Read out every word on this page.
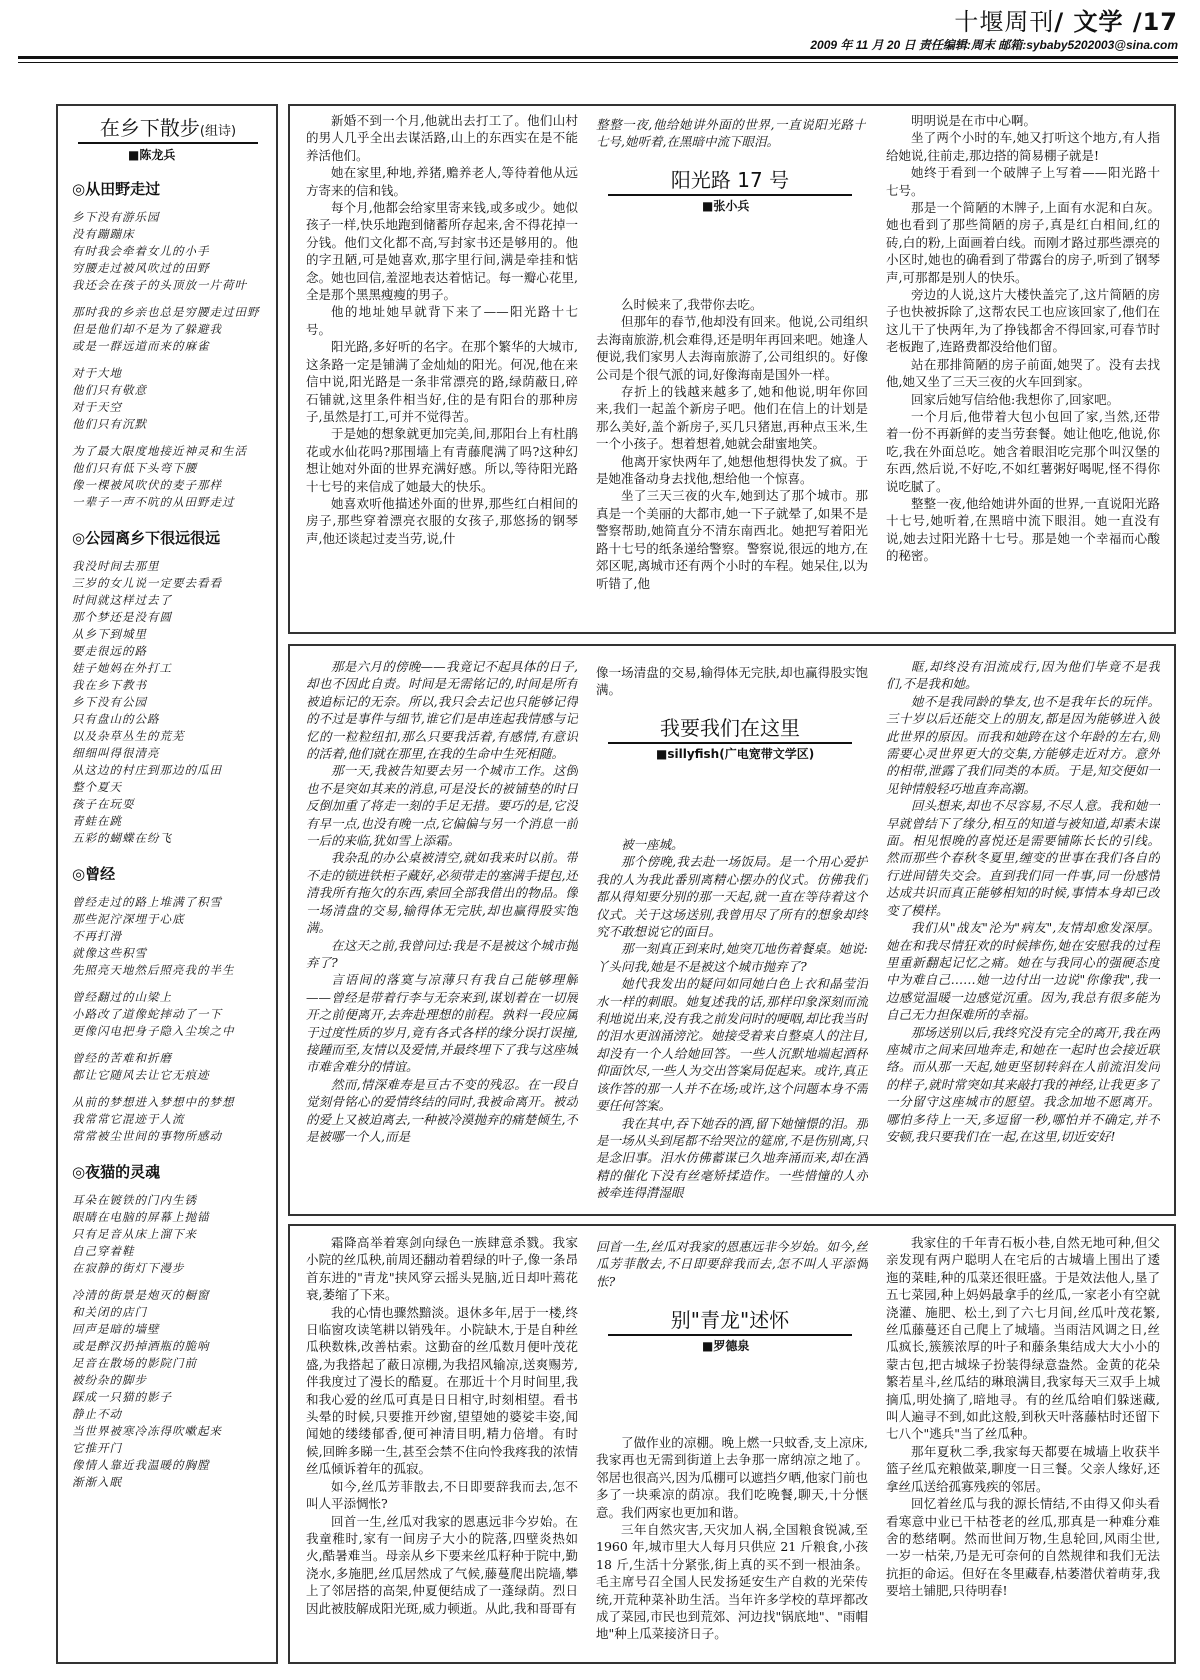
十堰周刊/ 文学 /17
2009 年 11 月 20 日 责任编辑:周末 邮箱:sybaby5202003@sina.com
在乡下散步(组诗)
■陈龙兵
◎从田野走过
乡下没有游乐园
没有蹦蹦床
有时我会牵着女儿的小手
穷腰走过被风吹过的田野
我还会在孩子的头顶放一片荷叶
那时我的乡亲也总是穷腰走过田野
但是他们却不是为了躲避我
或是一群远道而来的麻雀
对于大地
他们只有敬意
对于天空
他们只有沉默
为了最大限度地接近神灵和生活
他们只有低下头弯下腰
像一棵被风吹伏的麦子那样
一辈子一声不吭的从田野走过
◎公园离乡下很远很远
我没时间去那里
三岁的女儿说一定要去看看
时间就这样过去了
那个梦还是没有圆
从乡下到城里
要走很远的路
娃子她妈在外打工
我在乡下教书
乡下没有公园
只有盘山的公路
以及杂草丛生的荒芜
细细叫得很清亮
从这边的村庄到那边的瓜田
整个夏天
孩子在玩耍
青蛙在跳
五彩的蝴蝶在纷飞
◎曾经
曾经走过的路上堆满了积雪
那些泥泞深埋于心底
不再打滑
就像这些积雪
先照亮天地然后照亮我的半生
曾经翻过的山梁上
小路改了道像蛇摔动了一下
更像闪电把身子隐入尘埃之中
曾经的苦难和折磨
都让它随风去让它无痕迹
从前的梦想进入梦想中的梦想
我常常它混迹于人流
常常被尘世间的事物所感动
◎夜猫的灵魂
耳朵在镀铁的门内生锈
眼睛在电脑的屏幕上抛锚
只有足音从床上溜下来
自己穿着鞋
在寂静的街灯下漫步
冷清的街景是炮灭的橱窗
和关闭的店门
回声是暗的墙壁
或是醉汉扔掉酒瓶的脆响
足音在散场的影院门前
被纷杂的脚步
踩成一只猫的影子
静止不动
当世界被寒冷冻得吹嗽起来
它推开门
像情人靠近我温暖的胸膛
渐渐入眠

新婚不到一个月,他就出去打工了。他们山村的男人几乎全出去谋活路,山上的东西实在是不能养活他们。

她在家里,种地,养猪,赡养老人,等待着他从远方寄来的信和钱。

每个月,他都会给家里寄来钱,或多或少。她似孩子一样,快乐地跑到储蓄所存起来,舍不得花掉一分钱。他们文化都不高,写封家书还是够用的。他的字丑陋,可是她喜欢,那字里行间,满是牵挂和惦念。她也回信,羞涩地表达着惦记。每一瓣心花里,全是那个黑黑瘦瘦的男子。

他的地址她早就背下来了——阳光路十七号。

阳光路,多好听的名字。在那个繁华的大城市,这条路一定是铺满了金灿灿的阳光。何况,他在来信中说,阳光路是一条非常漂亮的路,绿荫蔽日,碎石铺就,这里条件相当好,住的是有阳台的那种房子,虽然是打工,可并不觉得苦。

于是她的想象就更加完美,间,那阳台上有杜鹃花或水仙花吗?那围墙上有青藤爬满了吗?这种幻想让她对外面的世界充满好感。所以,等待阳光路十七号的来信成了她最大的快乐。

她喜欢听他描述外面的世界,那些红白相间的房子,那些穿着漂亮衣服的女孩子,那悠扬的钢琴声,他还谈起过麦当劳,说,什

整整一夜,他给她讲外面的世界,一直说阳光路十七号,她听着,在黑暗中流下眼泪。
阳光路 17 号
■张小兵

么时候来了,我带你去吃。

但那年的春节,他却没有回来。他说,公司组织去海南旅游,机会难得,还是明年再回来吧。她逢人便说,我们家男人去海南旅游了,公司组织的。好像公司是个很气派的词,好像海南是国外一样。

存折上的钱越来越多了,她和他说,明年你回来,我们一起盖个新房子吧。他们在信上的计划是那么美好,盖个新房子,买几只猪崽,再种点玉米,生一个小孩子。想着想着,她就会甜蜜地笑。

他离开家快两年了,她想他想得快发了疯。于是她准备动身去找他,想给他一个惊喜。

坐了三天三夜的火车,她到达了那个城市。那真是一个美丽的大都市,她一下子就晕了,如果不是警察帮助,她简直分不清东南西北。她把写着阳光路十七号的纸条递给警察。警察说,很远的地方,在郊区呢,离城市还有两个小时的车程。她呆住,以为听错了,他

明明说是在市中心啊。

坐了两个小时的车,她又打听这个地方,有人指给她说,往前走,那边搭的简易棚子就是!

她终于看到一个破牌子上写着——阳光路十七号。

那是一个简陋的木牌子,上面有水泥和白灰。她也看到了那些简陋的房子,真是红白相间,红的砖,白的粉,上面画着白线。而刚才路过那些漂亮的小区时,她也的确看到了带露台的房子,听到了钢琴声,可那都是别人的快乐。

旁边的人说,这片大楼快盖完了,这片简陋的房子也快被拆除了,这帮农民工也应该回家了,他们在这儿干了快两年,为了挣钱都舍不得回家,可春节时老板跑了,连路费都没给他们留。

站在那排简陋的房子前面,她哭了。没有去找他,她又坐了三天三夜的火车回到家。

回家后她写信给他:我想你了,回家吧。

一个月后,他带着大包小包回了家,当然,还带着一份不再新鲜的麦当劳套餐。她让他吃,他说,你吃,我在外面总吃。她含着眼泪吃完那个叫汉堡的东西,然后说,不好吃,不如红薯粥好喝呢,怪不得你说吃腻了。

整整一夜,他给她讲外面的世界,一直说阳光路十七号,她听着,在黑暗中流下眼泪。她一直没有说,她去过阳光路十七号。那是她一个幸福而心酸的秘密。

那是六月的傍晚——我竟记不起具体的日子,却也不因此自责。时间是无需铭记的,时间是所有被追标记的无奈。所以,我只会去记也只能够记得的不过是事件与细节,谁它们是串连起我情感与记忆的一粒粒纽扣,那么只要我活着,有感情,有意识的活着,他们就在那里,在我的生命中生死相随。

那一天,我被告知要去另一个城市工作。这倒也不是突如其来的消息,可是没长的被铺垫的时日反倒加重了将走一刻的手足无措。要巧的是,它没有早一点,也没有晚一点,它偏偏与另一个消息一前一后的来临,犹如雪上添霜。

我杂乱的办公桌被清空,就如我来时以前。带不走的锁进铁柜子藏好,必须带走的塞满手提包,还清我所有拖欠的东西,索回全部我借出的物品。像一场清盘的交易,输得体无完肤,却也赢得股实饱满。

在这天之前,我曾问过:我是不是被这个城市抛弃了?

言语间的落寞与凉薄只有我自己能够理解——曾经是带着行李与无奈来到,谋划着在一切展开之前便离开,去奔赴理想的前程。孰料一段应属于过度性质的岁月,竟有各式各样的缘分误打误撞,接踵而至,友情以及爱情,并最终埋下了我与这座城市难舍难分的情谊。

然而,情深难寿是亘古不变的残忍。在一段自觉刻骨铭心的爱情终结的同时,我被命离开。被动的爱上又被迫离去,一种被冷漠抛弃的痛楚倾生,不是被哪一个人,而是

像一场清盘的交易,输得体无完肤,却也赢得股实饱满。
我要我们在这里
■sillyfish(广电宽带文学区)

被一座城。

那个傍晚,我去赴一场饭局。是一个用心爱护我的人为我此番别离精心摆办的仪式。仿佛我们都从得知要分别的那一天起,就一直在等待着这个仪式。关于这场送别,我曾用尽了所有的想象却终究不敢想说它的面目。

那一刻真正到来时,她突兀地伤着餐桌。她说:丫头问我,她是不是被这个城市抛弃了?

她代我发出的疑问如同她白色上衣和晶莹泪水一样的刺眼。她复述我的话,那样印象深刻而流利地说出来,没有我之前发问时的哽咽,却比我当时的泪水更汹涌滂沱。她接受着来自整桌人的注目,却没有一个人给她回答。一些人沉默地端起酒杯仰面饮尽,一些人为交出答案局促起来。或许,真正该作答的那一人并不在场;或许,这个问题本身不需要任何答案。

我在其中,吞下她吞的酒,留下她憧憬的泪。那是一场从头到尾都不给哭泣的筵席,不是伤别离,只是念旧事。泪水仿佛蓄谋已久地奔涌而来,却在酒精的催化下没有丝毫矫揉造作。一些惜憧的人亦被牵连得潸湿眼

眶,却终没有泪流成行,因为他们毕竟不是我们,不是我和她。

她不是我同龄的挚友,也不是我年长的玩伴。三十岁以后还能交上的朋友,都是因为能够进入彼此世界的原因。而我和她跨在这个年龄的左右,则需要心灵世界更大的交集,方能够走近对方。意外的相带,泄露了我们同类的本质。于是,知交便如一见钟情般轻巧地直奔高潮。

回头想来,却也不尽容易,不尽人意。我和她一早就曾结下了缘分,相互的知道与被知道,却素未谋面。相见恨晚的喜悦还是需要铺陈长长的引线。然而那些个春秋冬夏里,缠变的世事在我们各自的行进间错失交会。直到我们同一件事,同一份感情达成共识而真正能够相知的时候,事情本身却已改变了模样。

我们从"战友"沦为"病友",友情却愈发深厚。她在和我尽情狂欢的时候摔伤,她在安慰我的过程里重新翻起记忆之痛。她在与我同心的强硬态度中为难自己……她一边付出一边说"你像我",我一边感觉温暖一边感觉沉重。因为,我总有很多能为自己无力担保难所的幸福。

那场送别以后,我终究没有完全的离开,我在两座城市之间来回地奔走,和她在一起时也会接近联络。而从那一天起,她更坚韧转斜在人前流泪发问的样子,就时常突如其来敲打我的神经,让我更多了一分留守这座城市的愿望。我念加地不愿离开。哪怕多待上一天,多逗留一秒,哪怕并不确定,并不安顿,我只要我们在一起,在这里,切近安好!

霜降高举着寒剑向绿色一族肆意杀戮。我家小院的丝瓜秧,前周还翻动着碧绿的叶子,像一条昂首东进的"青龙"挟风穿云摇头晃脑,近日却叶蔫花衰,萎缩了下来。

我的心情也骤然黯淡。退休多年,居于一楼,终日临窗攻读笔耕以销残年。小院缺木,于是自种丝瓜秧数株,改善枯索。这勤奋的丝瓜数月便叶茂花盛,为我搭起了蔽日凉棚,为我招风输凉,送爽赐芳,伴我度过了漫长的酷夏。在那近十个月时间里,我和我心爱的丝瓜可真是日日相守,时刻相望。看书头晕的时候,只要推开纱窗,望望她的婆娑丰姿,闻闻她的缕缕郁香,便可神清目明,精力倍增。有时候,回眸多睇一生,甚至会禁不住向怜我疼我的浓情丝瓜倾诉着年的孤寂。

如今,丝瓜芳菲散去,不日即要辞我而去,怎不叫人平添惆怅?

回首一生,丝瓜对我家的恩惠远非今岁始。在我童稚时,家有一间房子大小的院落,四壁炎热如火,酷暑难当。母亲从乡下要来丝瓜籽种于院中,勤浇水,多施肥,丝瓜居然成了气候,藤蔓爬出院墙,攀上了邻居搭的高架,仲夏便结成了一蓬绿荫。烈日因此被肢解成阳光斑,威力顿逝。从此,我和哥哥有

回首一生,丝瓜对我家的恩惠远非今岁始。如今,丝瓜芳菲散去,不日即要辞我而去,怎不叫人平添惆怅?
别"青龙"述怀
■罗德泉

了做作业的凉棚。晚上燃一只蚊香,支上凉床,我家再也无需到街道上去争那一席纳凉之地了。邻居也很高兴,因为瓜棚可以遮挡夕晒,他家门前也多了一块乘凉的荫凉。我们吃晚餐,聊天,十分惬意。我们两家也更加和谐。

三年自然灾害,天灾加人祸,全国粮食锐减,至 1960 年,城市里大人每月只供应 21 斤粮食,小孩 18 斤,生活十分紧张,街上真的买不到一根油条。毛主席号召全国人民发扬延安生产自救的光荣传统,开荒种菜补助生活。当年许多学校的草坪都改成了菜园,市民也到荒郊、河边找"锅底地"、"雨帽地"种上瓜菜接济日子。

我家住的千年青石板小巷,自然无地可种,但父亲发现有两户聪明人在宅后的古城墙上围出了逶迤的菜畦,种的瓜菜还很旺盛。于是效法他人,垦了五七菜园,种上妈妈最拿手的丝瓜,一家老小有空就浇灌、施肥、松土,到了六七月间,丝瓜叶茂花繁,丝瓜藤蔓还自己爬上了城墙。当雨洁风调之日,丝瓜疯长,簇簇浓厚的叶子和藤条集结成大大小小的蒙古包,把古城垛子扮装得绿意盎然。金黄的花朵繁若星斗,丝瓜结的琳琅满目,我家每天三双手上城摘瓜,明处摘了,暗地寻。有的丝瓜给咱们躲迷藏,叫人遍寻不到,如此这般,到秋天叶落藤枯时还留下七八个"逃兵"当了丝瓜种。

那年夏秋二季,我家每天都要在城墙上收获半篮子丝瓜充粮做菜,聊度一日三餐。父亲人缘好,还拿丝瓜送给孤寡残疾的邻居。

回忆着丝瓜与我的源长情结,不由得又仰头看看寒意中业已干枯苍老的丝瓜,那真是一种难分难舍的愁绪啊。然而世间万物,生息轮回,风雨尘世,一岁一枯荣,乃是无可奈何的自然规律和我们无法抗拒的命运。但好在冬里藏春,枯萎潜伏着萌芽,我要培土铺肥,只待明春!
